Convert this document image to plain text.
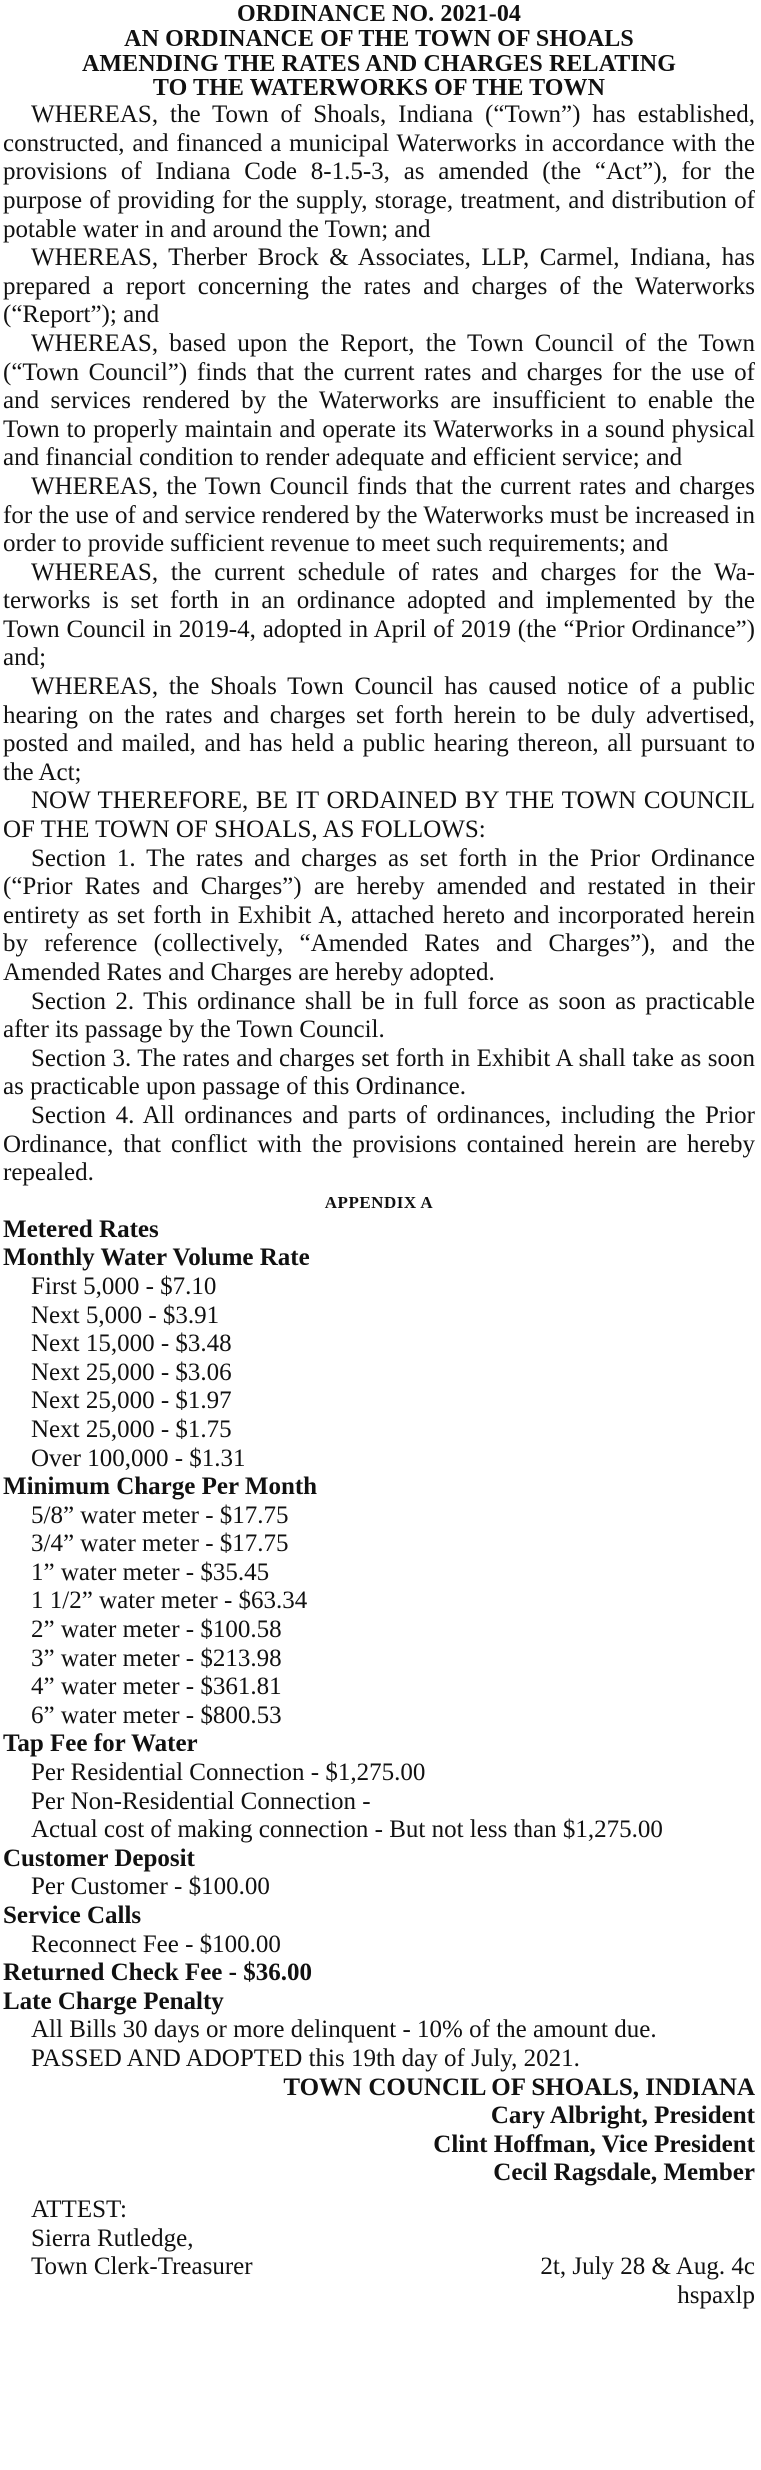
ORDINANCE NO. 2021-04
AN ORDINANCE OF THE TOWN OF SHOALS
AMENDING THE RATES AND CHARGES RELATING
TO THE WATERWORKS OF THE TOWN

WHEREAS, the Town of Shoals, Indiana (“Town”) has established, constructed, and financed a municipal Waterworks in accordance with the provisions of Indiana Code 8-1.5-3, as amended (the “Act”), for the purpose of providing for the supply, storage, treatment, and distribution of potable water in and around the Town; and

WHEREAS, Therber Brock & Associates, LLP, Carmel, Indiana, has prepared a report concerning the rates and charges of the Waterworks (“Report”); and

WHEREAS, based upon the Report, the Town Council of the Town (“Town Council”) finds that the current rates and charges for the use of and services rendered by the Waterworks are insufficient to enable the Town to properly maintain and operate its Waterworks in a sound physical and financial condition to render adequate and efficient service; and

WHEREAS, the Town Council finds that the current rates and charges for the use of and service rendered by the Waterworks must be increased in order to provide sufficient revenue to meet such requirements; and

WHEREAS, the current schedule of rates and charges for the Waterworks is set forth in an ordinance adopted and implemented by the Town Council in 2019-4, adopted in April of 2019 (the “Prior Ordinance”) and;

WHEREAS, the Shoals Town Council has caused notice of a public hearing on the rates and charges set forth herein to be duly advertised, posted and mailed, and has held a public hearing thereon, all pursuant to the Act;

NOW THEREFORE, BE IT ORDAINED BY THE TOWN COUNCIL OF THE TOWN OF SHOALS, AS FOLLOWS:

Section 1. The rates and charges as set forth in the Prior Ordinance (“Prior Rates and Charges”) are hereby amended and restated in their entirety as set forth in Exhibit A, attached hereto and incorporated herein by reference (collectively, “Amended Rates and Charges”), and the Amended Rates and Charges are hereby adopted.

Section 2. This ordinance shall be in full force as soon as practicable after its passage by the Town Council.

Section 3. The rates and charges set forth in Exhibit A shall take as soon as practicable upon passage of this Ordinance.

Section 4. All ordinances and parts of ordinances, including the Prior Ordinance, that conflict with the provisions contained herein are hereby repealed.

APPENDIX A
Metered Rates
Monthly Water Volume Rate
First 5,000 - $7.10
Next 5,000 - $3.91
Next 15,000 - $3.48
Next 25,000 - $3.06
Next 25,000 - $1.97
Next 25,000 - $1.75
Over 100,000 - $1.31
Minimum Charge Per Month
5/8” water meter - $17.75
3/4” water meter - $17.75
1” water meter - $35.45
1 1/2” water meter - $63.34
2” water meter - $100.58
3” water meter - $213.98
4” water meter - $361.81
6” water meter - $800.53
Tap Fee for Water
Per Residential Connection - $1,275.00
Per Non-Residential Connection -
Actual cost of making connection - But not less than $1,275.00
Customer Deposit
Per Customer - $100.00
Service Calls
Reconnect Fee - $100.00
Returned Check Fee - $36.00
Late Charge Penalty
All Bills 30 days or more delinquent - 10% of the amount due.
PASSED AND ADOPTED this 19th day of July, 2021.
TOWN COUNCIL OF SHOALS, INDIANA
Cary Albright, President
Clint Hoffman, Vice President
Cecil Ragsdale, Member
ATTEST:
Sierra Rutledge,
Town Clerk-Treasurer	2t, July 28 & Aug. 4c
hspaxlp
